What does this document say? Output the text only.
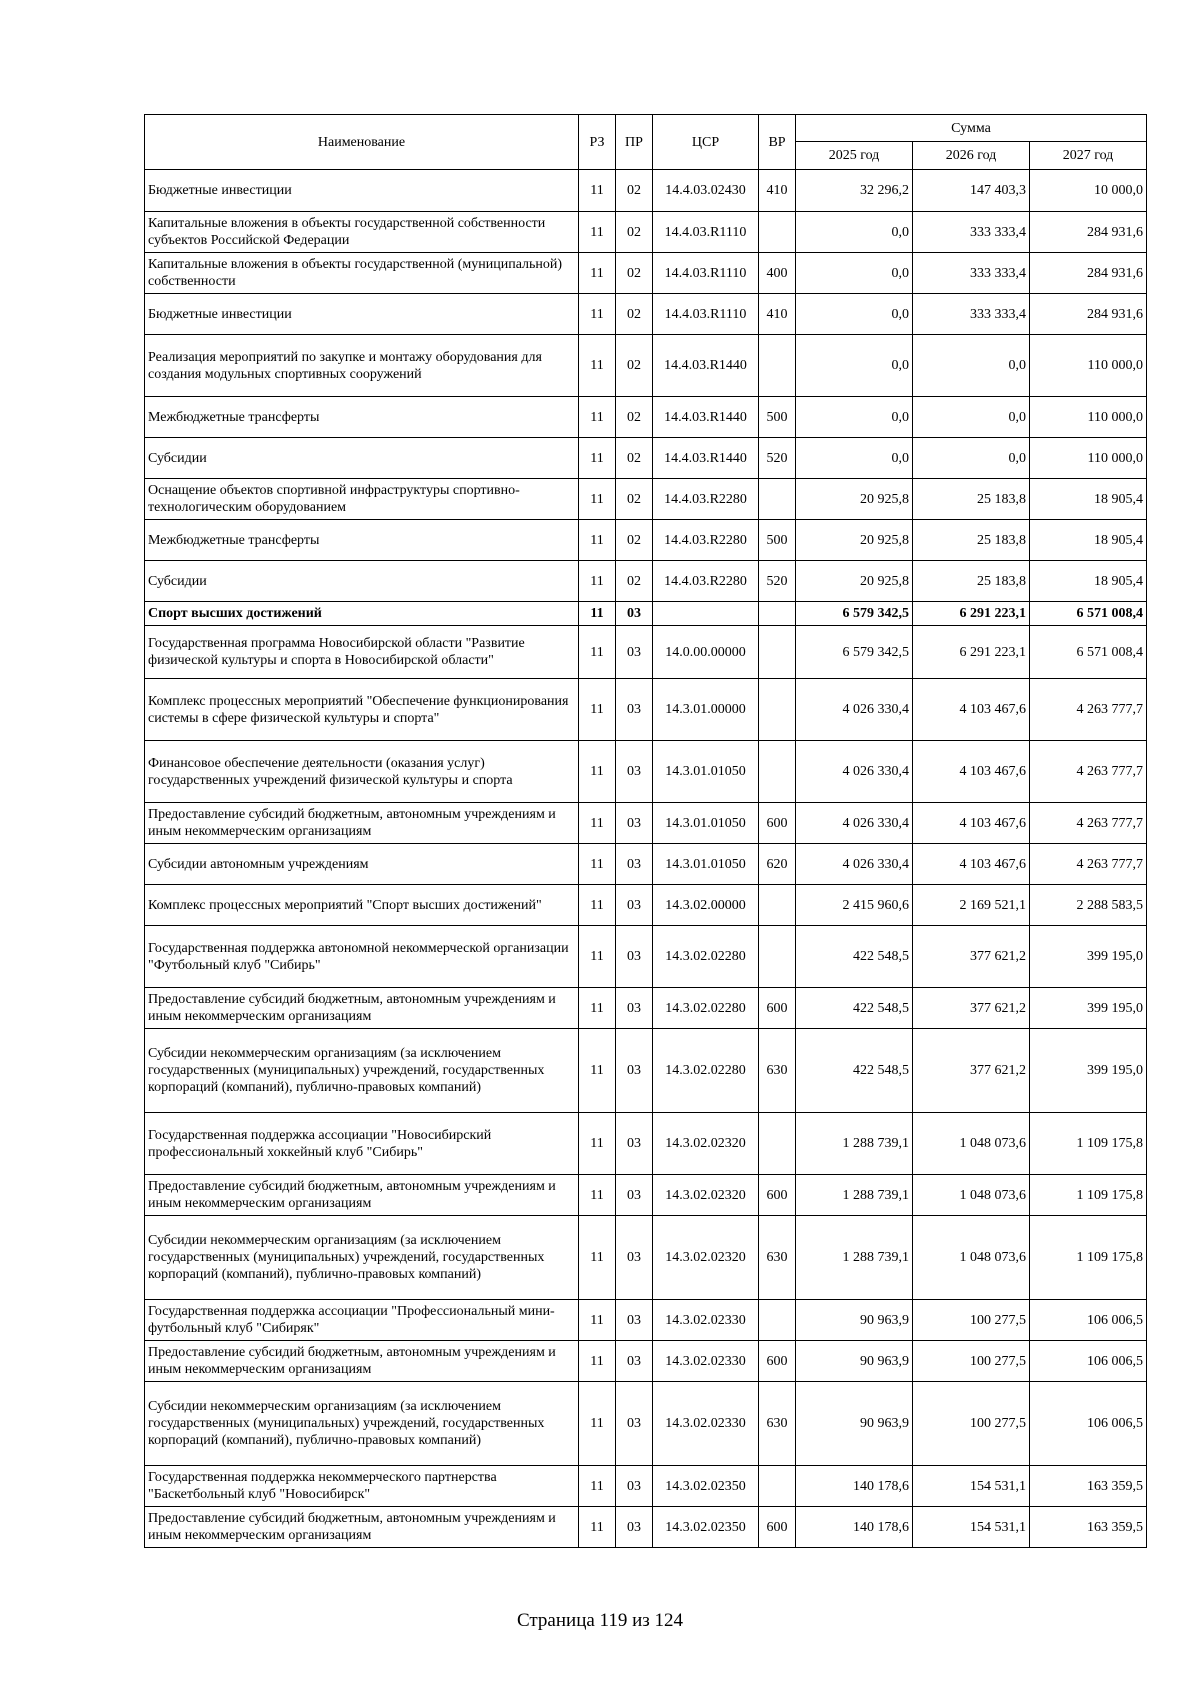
Наименование	РЗ	ПР	ЦСР	ВР	Сумма		
					2025 год	2026 год	2027 год
Бюджетные инвестиции	11	02	14.4.03.02430	410	32 296,2	147 403,3	10 000,0
Капитальные вложения в объекты государственной собственности субъектов Российской Федерации	11	02	14.4.03.R1110		0,0	333 333,4	284 931,6
Капитальные вложения в объекты государственной (муниципальной) собственности	11	02	14.4.03.R1110	400	0,0	333 333,4	284 931,6
Бюджетные инвестиции	11	02	14.4.03.R1110	410	0,0	333 333,4	284 931,6
Реализация мероприятий по закупке и монтажу оборудования для создания модульных спортивных сооружений	11	02	14.4.03.R1440		0,0	0,0	110 000,0
Межбюджетные трансферты	11	02	14.4.03.R1440	500	0,0	0,0	110 000,0
Субсидии	11	02	14.4.03.R1440	520	0,0	0,0	110 000,0
Оснащение объектов спортивной инфраструктуры спортивно-технологическим оборудованием	11	02	14.4.03.R2280		20 925,8	25 183,8	18 905,4
Межбюджетные трансферты	11	02	14.4.03.R2280	500	20 925,8	25 183,8	18 905,4
Субсидии	11	02	14.4.03.R2280	520	20 925,8	25 183,8	18 905,4
Спорт высших достижений	11	03			6 579 342,5	6 291 223,1	6 571 008,4
Государственная программа Новосибирской области "Развитие физической культуры и спорта в Новосибирской области"	11	03	14.0.00.00000		6 579 342,5	6 291 223,1	6 571 008,4
Комплекс процессных мероприятий "Обеспечение функционирования системы в сфере физической культуры и спорта"	11	03	14.3.01.00000		4 026 330,4	4 103 467,6	4 263 777,7
Финансовое обеспечение деятельности (оказания услуг) государственных учреждений физической культуры и спорта	11	03	14.3.01.01050		4 026 330,4	4 103 467,6	4 263 777,7
Предоставление субсидий бюджетным, автономным учреждениям и иным некоммерческим организациям	11	03	14.3.01.01050	600	4 026 330,4	4 103 467,6	4 263 777,7
Субсидии автономным учреждениям	11	03	14.3.01.01050	620	4 026 330,4	4 103 467,6	4 263 777,7
Комплекс процессных мероприятий "Спорт высших достижений"	11	03	14.3.02.00000		2 415 960,6	2 169 521,1	2 288 583,5
Государственная поддержка автономной некоммерческой организации "Футбольный клуб "Сибирь"	11	03	14.3.02.02280		422 548,5	377 621,2	399 195,0
Предоставление субсидий бюджетным, автономным учреждениям и иным некоммерческим организациям	11	03	14.3.02.02280	600	422 548,5	377 621,2	399 195,0
Субсидии некоммерческим организациям (за исключением государственных (муниципальных) учреждений, государственных корпораций (компаний), публично-правовых компаний)	11	03	14.3.02.02280	630	422 548,5	377 621,2	399 195,0
Государственная поддержка ассоциации "Новосибирский профессиональный хоккейный клуб "Сибирь"	11	03	14.3.02.02320		1 288 739,1	1 048 073,6	1 109 175,8
Предоставление субсидий бюджетным, автономным учреждениям и иным некоммерческим организациям	11	03	14.3.02.02320	600	1 288 739,1	1 048 073,6	1 109 175,8
Субсидии некоммерческим организациям (за исключением государственных (муниципальных) учреждений, государственных корпораций (компаний), публично-правовых компаний)	11	03	14.3.02.02320	630	1 288 739,1	1 048 073,6	1 109 175,8
Государственная поддержка ассоциации "Профессиональный мини-футбольный клуб "Сибиряк"	11	03	14.3.02.02330		90 963,9	100 277,5	106 006,5
Предоставление субсидий бюджетным, автономным учреждениям и иным некоммерческим организациям	11	03	14.3.02.02330	600	90 963,9	100 277,5	106 006,5
Субсидии некоммерческим организациям (за исключением государственных (муниципальных) учреждений, государственных корпораций (компаний), публично-правовых компаний)	11	03	14.3.02.02330	630	90 963,9	100 277,5	106 006,5
Государственная поддержка некоммерческого партнерства "Баскетбольный клуб "Новосибирск"	11	03	14.3.02.02350		140 178,6	154 531,1	163 359,5
Предоставление субсидий бюджетным, автономным учреждениям и иным некоммерческим организациям	11	03	14.3.02.02350	600	140 178,6	154 531,1	163 359,5
Страница 119 из 124
